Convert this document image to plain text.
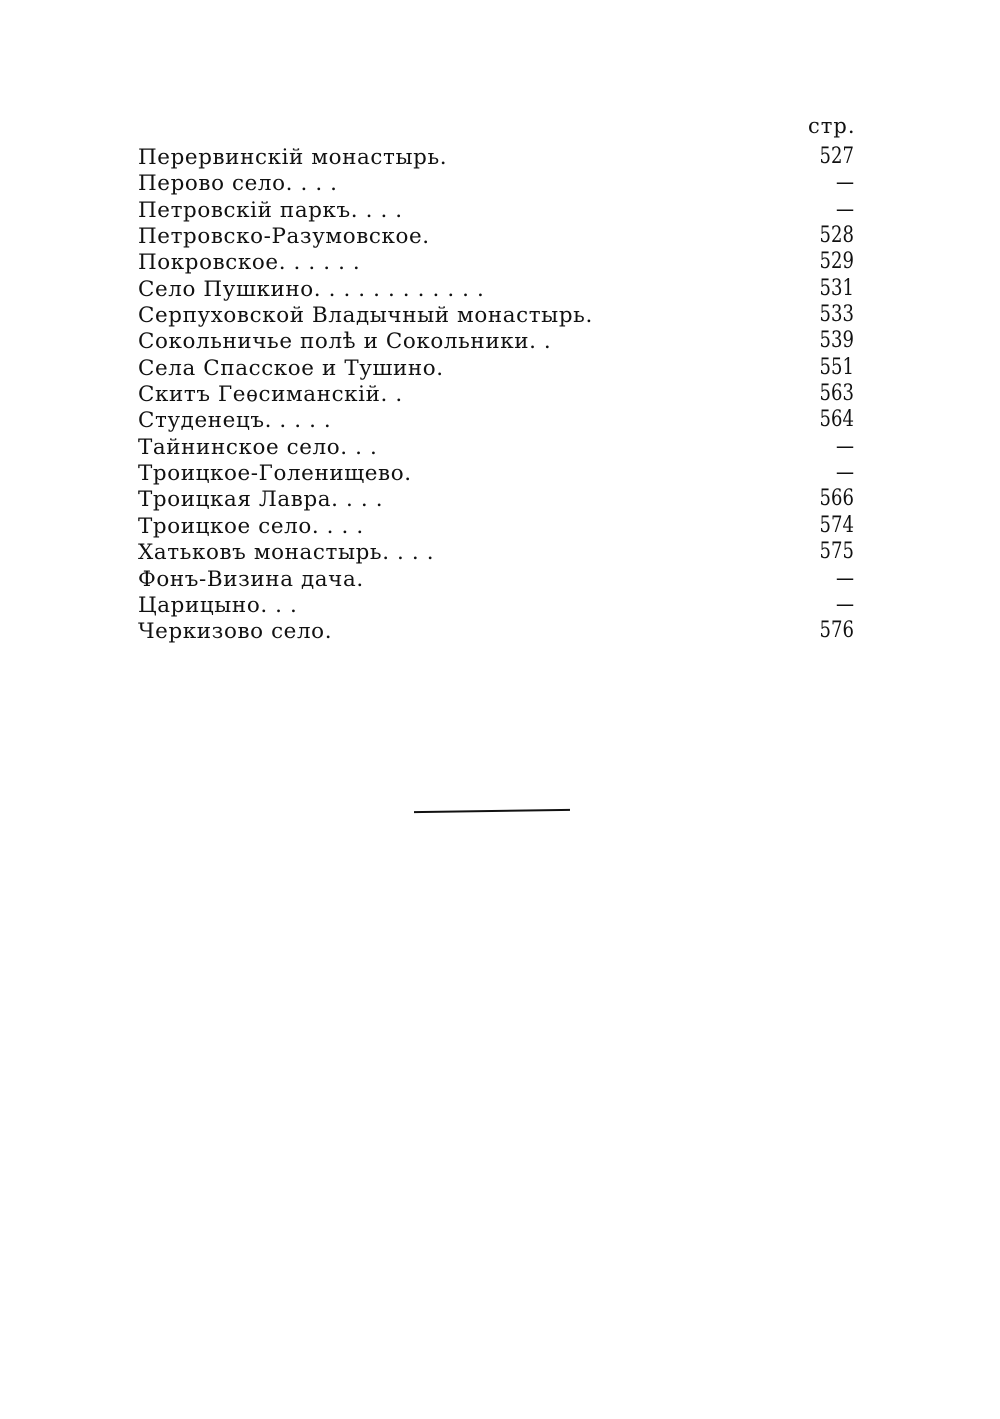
стр.
Перервинскій монастырь.	527
Перово село. . . .	—
Петровскій паркъ. . . .	—
Петровско-Разумовское.	528
Покровское. . . . . .	529
Село Пушкино. . . . . . . . . . . .	531
Серпуховской Владычный монастырь.	533
Сокольничье полѣ и Сокольники. .	539
Села Спасское и Тушино.	551
Скитъ Геѳсиманскій. .	563
Студенецъ. . . . .	564
Тайнинское село. . .	—
Троицкое-Голенищево.	—
Троицкая Лавра. . . .	566
Троицкое село. . . .	574
Хатьковъ монастырь. . . .	575
Фонъ-Визина дача.	—
Царицыно. . .	—
Черкизово село.	576
